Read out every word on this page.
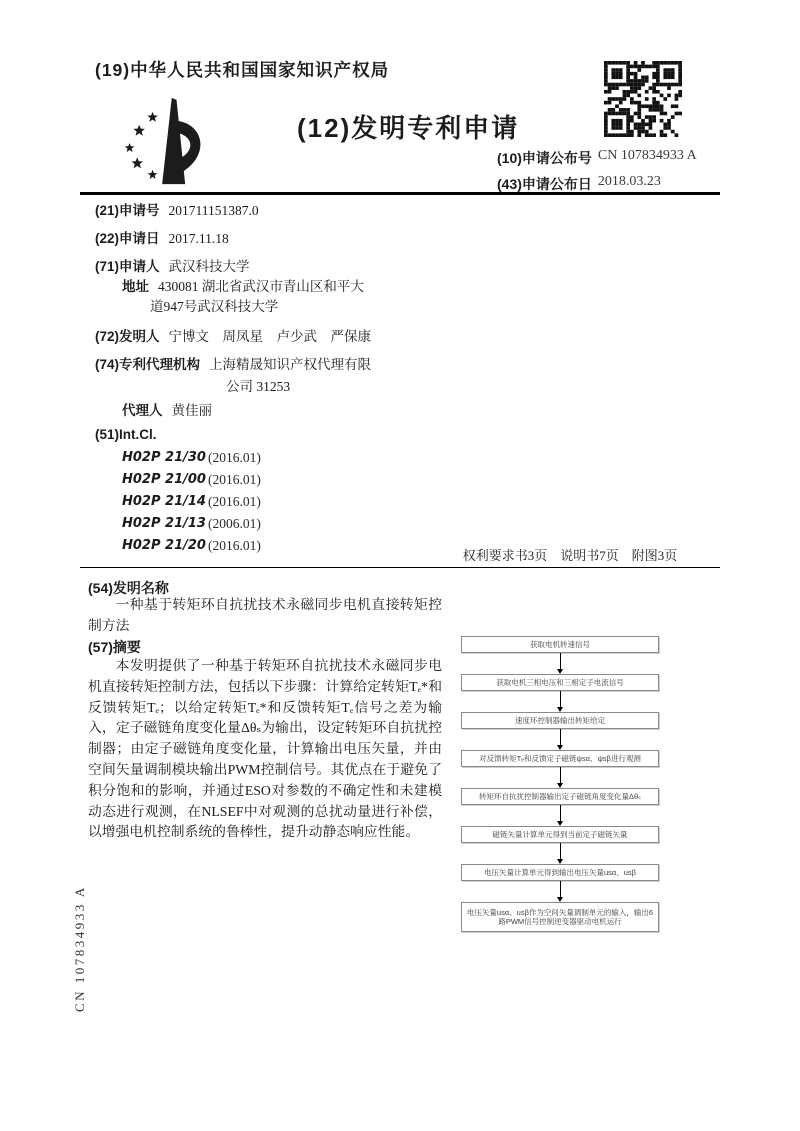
CN 107834933 A
(19)中华人民共和国国家知识产权局
(12)发明专利申请
(10)申请公布号 CN 107834933 A
(43)申请公布日 2018.03.23
(21)申请号 201711151387.0
(22)申请日 2017.11.18
(71)申请人 武汉科技大学
地址 430081 湖北省武汉市青山区和平大
道947号武汉科技大学
(72)发明人 宁博文　周凤星　卢少武　严保康
(74)专利代理机构 上海精晟知识产权代理有限
公司 31253
代理人 黄佳丽
(51)Int.Cl.
H02P 21/30 (2016.01)
H02P 21/00 (2016.01)
H02P 21/14 (2016.01)
H02P 21/13 (2006.01)
H02P 21/20 (2016.01)
权利要求书3页　说明书7页　附图3页
(54)发明名称
一种基于转矩环自抗扰技术永磁同步电机直接转矩控制方法
(57)摘要
本发明提供了一种基于转矩环自抗扰技术永磁同步电机直接转矩控制方法，包括以下步骤：计算给定转矩Tₑ*和反馈转矩Tₑ；以给定转矩Tₑ*和反馈转矩Tₑ信号之差为输入，定子磁链角度变化量Δθₛ为输出，设定转矩环自抗扰控制器；由定子磁链角度变化量，计算输出电压矢量，并由空间矢量调制模块输出PWM控制信号。其优点在于避免了积分饱和的影响，并通过ESO对参数的不确定性和未建模动态进行观测，在NLSEF中对观测的总扰动量进行补偿，以增强电机控制系统的鲁棒性，提升动静态响应性能。
获取电机转速信号
获取电机三相电压和三相定子电流信号
速度环控制器输出转矩给定
对反馈转矩Tₑ和反馈定子磁链ψsα、ψsβ进行观测
转矩环自抗扰控制器输出定子磁链角度变化量Δθₛ
磁链矢量计算单元得到当前定子磁链矢量
电压矢量计算单元得到输出电压矢量usα、usβ
电压矢量usα、usβ作为空间矢量调制单元的输入，输出6路PWM信号控制逆变器驱动电机运行
